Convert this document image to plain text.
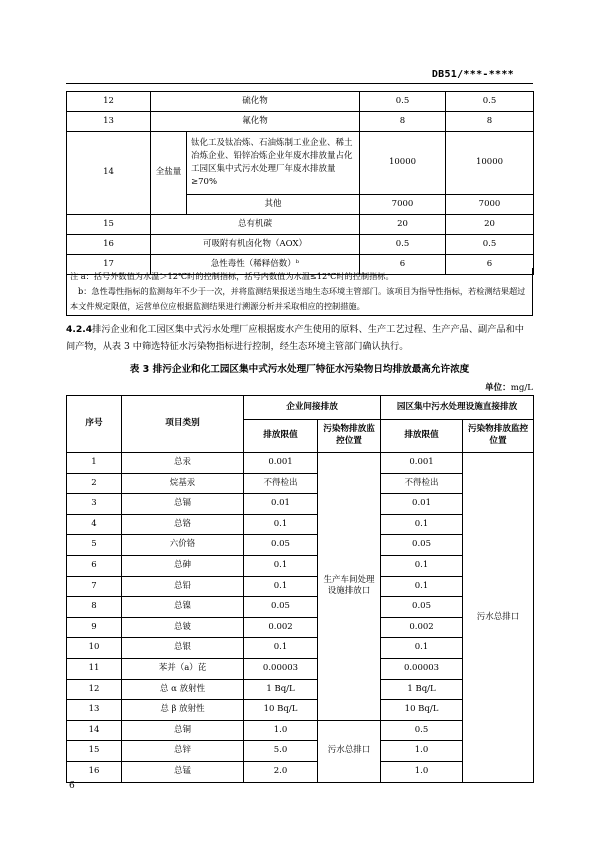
DB51/***-****
12	硫化物		0.5	0.5
13	氟化物		8	8
14	全盐量	钛化工及钛冶炼、石油炼制工业企业、稀土冶炼企业、铅锌冶炼企业年废水排放量占化工园区集中式污水处理厂年废水排放量≥70%	10000	10000
		其他	7000	7000
15	总有机碳		20	20
16	可吸附有机卤化物（AOX）		0.5	0.5
17	急性毒性（稀释倍数）ᵇ		6	6
注 a：括号外数值为水温＞12℃时的控制指标，括号内数值为水温≤12℃时的控制指标。
b：急性毒性指标的监测每年不少于一次，并将监测结果报送当地生态环境主管部门。该项目为指导性指标，若检测结果超过本文件规定限值，运营单位应根据监测结果进行溯源分析并采取相应的控制措施。
4.2.4排污企业和化工园区集中式污水处理厂应根据废水产生使用的原料、生产工艺过程、生产产品、副产品和中间产物，从表 3 中筛选特征水污染物指标进行控制，经生态环境主管部门确认执行。
表 3 排污企业和化工园区集中式污水处理厂特征水污染物日均排放最高允许浓度
单位：mg/L
序号	项目类别	企业间接排放		园区集中污水处理设施直接排放	
		排放限值	污染物排放监控位置	排放限值	污染物排放监控位置
1	总汞	0.001	生产车间处理设施排放口	0.001	污水总排口
2	烷基汞	不得检出		不得检出	
3	总镉	0.01		0.01	
4	总铬	0.1		0.1	
5	六价铬	0.05		0.05	
6	总砷	0.1		0.1	
7	总铅	0.1		0.1	
8	总镍	0.05		0.05	
9	总铍	0.002		0.002	
10	总银	0.1		0.1	
11	苯并（a）芘	0.00003		0.00003	
12	总 α 放射性	1 Bq/L		1 Bq/L	
13	总 β 放射性	10 Bq/L		10 Bq/L	
14	总铜	1.0	污水总排口	0.5	
15	总锌	5.0		1.0	
16	总锰	2.0		1.0	
6
